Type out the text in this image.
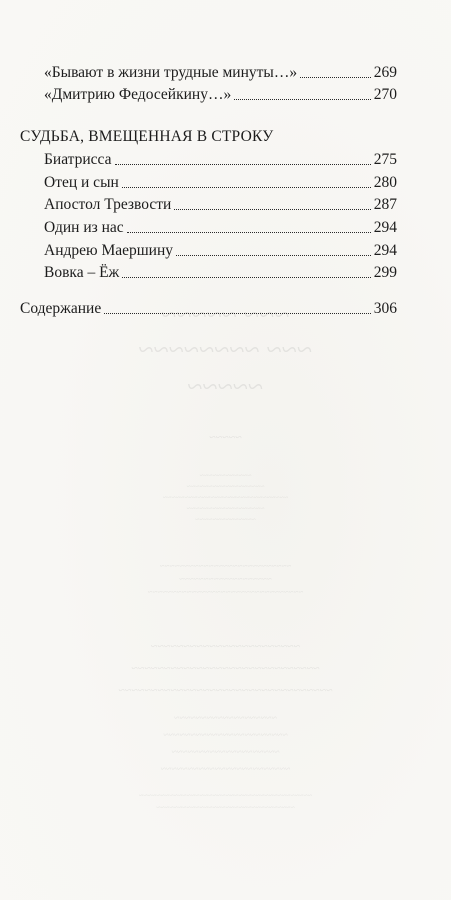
«Бывают в жизни трудные минуты…»	269
«Дмитрию Федосейкину…»	270
СУДЬБА, ВМЕЩЕННАЯ В СТРОКУ
Биатрисса	275
Отец и сын	280
Апостол Трезвости	287
Один из нас	294
Андрею Маершину	294
Вовка – Ёж	299
Содержание	306
~~~ ~~~~~
~~~ ~~~~~~~~
~~~~~
~~~~~
~~~~~~~~~~~~
~~~~~~~~~~~~~~~~~~
~~~~~~~~~~~~~~~~~~~~~~~~~~~~~
~~~~~~~~~~~~~~~~~~
~~~~~~~~~~~~~~
~~~~~~~~~~~~~~~~~~~~~~~~~~~
~~~~~~~~~~~~~~~~~~~
~~~~~~~~~~~~~~~~~~~~~~~~~~~~~~~~
~~~~~~~~~~~~~~~~~~~~~~~
~~~~~~~~~~~~~~~~~~~~~~~~~~~~~
~~~~~~~~~~~~~~~~~~~~~~~~~~~~~~~~~
~~~~~~~~~~~~~~~~~~~
~~~~~~~~~~~~~~~~~~~~~~~
~~~~~~~~~~~~~~~~~~~~
~~~~~~~~~~~~~~~~~~~~~~~~
~~~~~~~~~~~~~~~~~~~~~~~~~~~~~~~~~~~~~~~~
~~~~~~~~~~~~~~~~~~~~~~~~~~~~~~~~
